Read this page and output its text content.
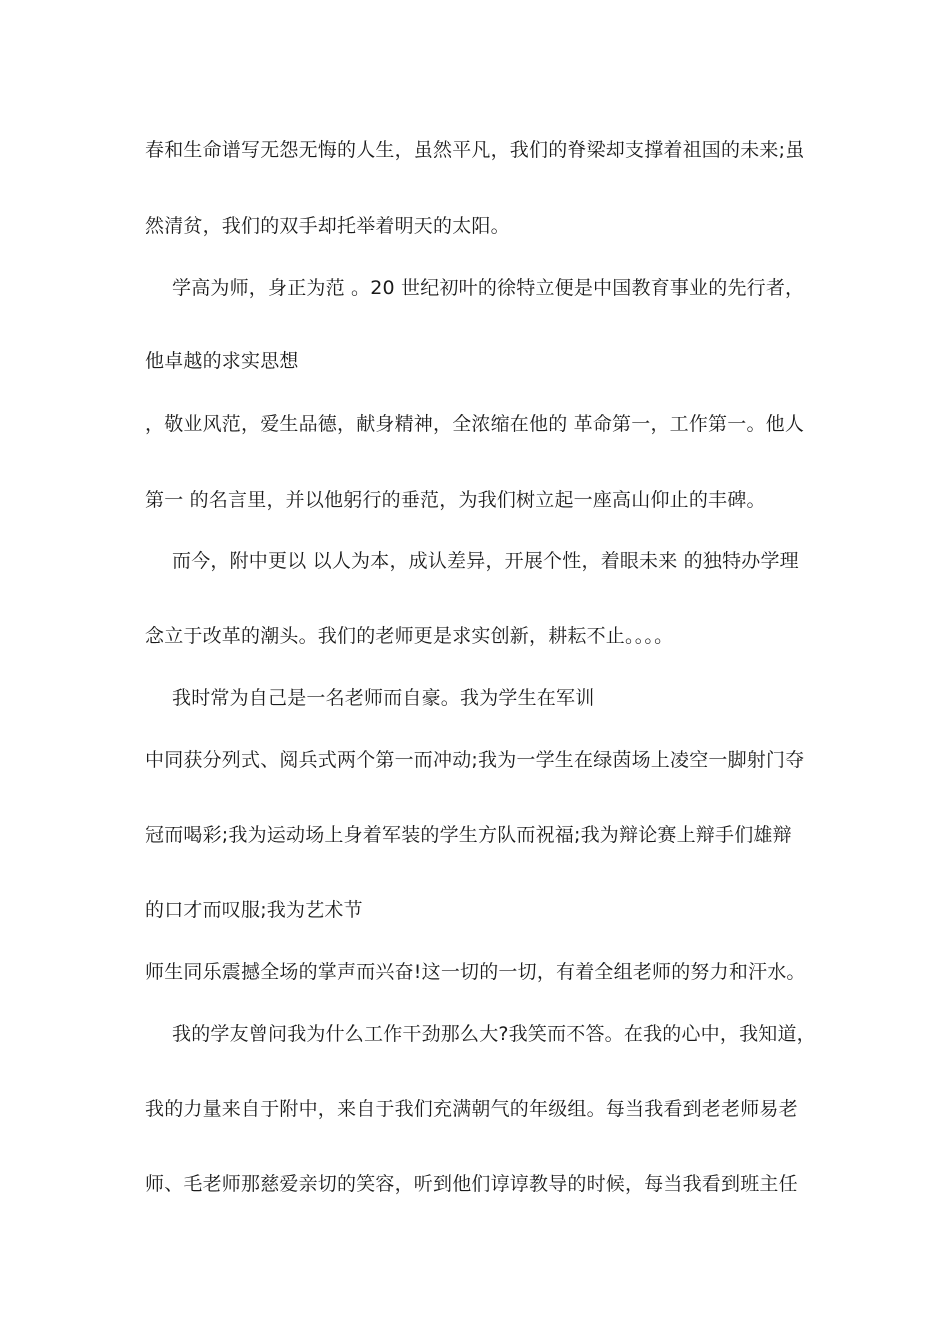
春和生命谱写无怨无悔的人生，虽然平凡，我们的脊梁却支撑着祖国的未来;虽
然清贫，我们的双手却托举着明天的太阳。
学高为师，身正为范 。20 世纪初叶的徐特立便是中国教育事业的先行者，
他卓越的求实思想
，敬业风范，爱生品德，献身精神，全浓缩在他的 革命第一，工作第一。他人
第一 的名言里，并以他躬行的垂范，为我们树立起一座高山仰止的丰碑。
而今，附中更以 以人为本，成认差异，开展个性，着眼未来 的独特办学理
念立于改革的潮头。我们的老师更是求实创新，耕耘不止。。。。
我时常为自己是一名老师而自豪。我为学生在军训
中同获分列式、阅兵式两个第一而冲动;我为一学生在绿茵场上凌空一脚射门夺
冠而喝彩;我为运动场上身着军装的学生方队而祝福;我为辩论赛上辩手们雄辩
的口才而叹服;我为艺术节
师生同乐震撼全场的掌声而兴奋!这一切的一切，有着全组老师的努力和汗水。
我的学友曾问我为什么工作干劲那么大?我笑而不答。在我的心中，我知道，
我的力量来自于附中，来自于我们充满朝气的年级组。每当我看到老老师易老
师、毛老师那慈爱亲切的笑容，听到他们谆谆教导的时候，每当我看到班主任
